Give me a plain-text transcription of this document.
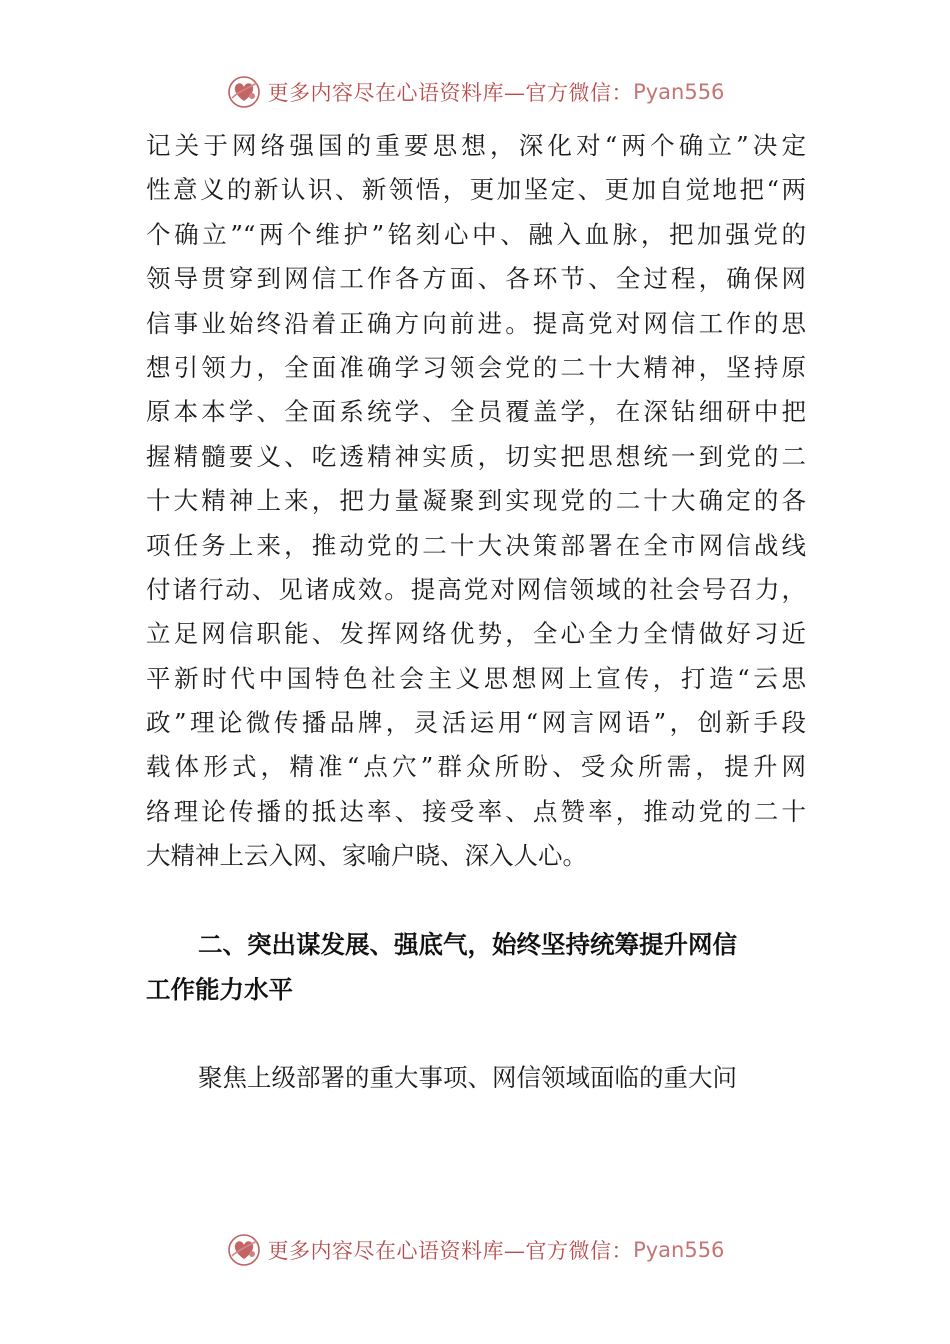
更多内容尽在心语资料库—官方微信： Pyan556
记关于网络强国的重要思想，深化对“两个确立”决定
性意义的新认识、新领悟，更加坚定、更加自觉地把“两
个确立”“两个维护”铭刻心中、融入血脉，把加强党的
领导贯穿到网信工作各方面、各环节、全过程，确保网
信事业始终沿着正确方向前进。提高党对网信工作的思
想引领力，全面准确学习领会党的二十大精神，坚持原
原本本学、全面系统学、全员覆盖学，在深钻细研中把
握精髓要义、吃透精神实质，切实把思想统一到党的二
十大精神上来，把力量凝聚到实现党的二十大确定的各
项任务上来，推动党的二十大决策部署在全市网信战线
付诸行动、见诸成效。提高党对网信领域的社会号召力，
立足网信职能、发挥网络优势，全心全力全情做好习近
平新时代中国特色社会主义思想网上宣传，打造“云思
政”理论微传播品牌，灵活运用“网言网语”，创新手段
载体形式，精准“点穴”群众所盼、受众所需，提升网
络理论传播的抵达率、接受率、点赞率，推动党的二十
大精神上云入网、家喻户晓、深入人心。
二、突出谋发展、强底气，始终坚持统筹提升网信
工作能力水平
聚焦上级部署的重大事项、网信领域面临的重大问
更多内容尽在心语资料库—官方微信： Pyan556
